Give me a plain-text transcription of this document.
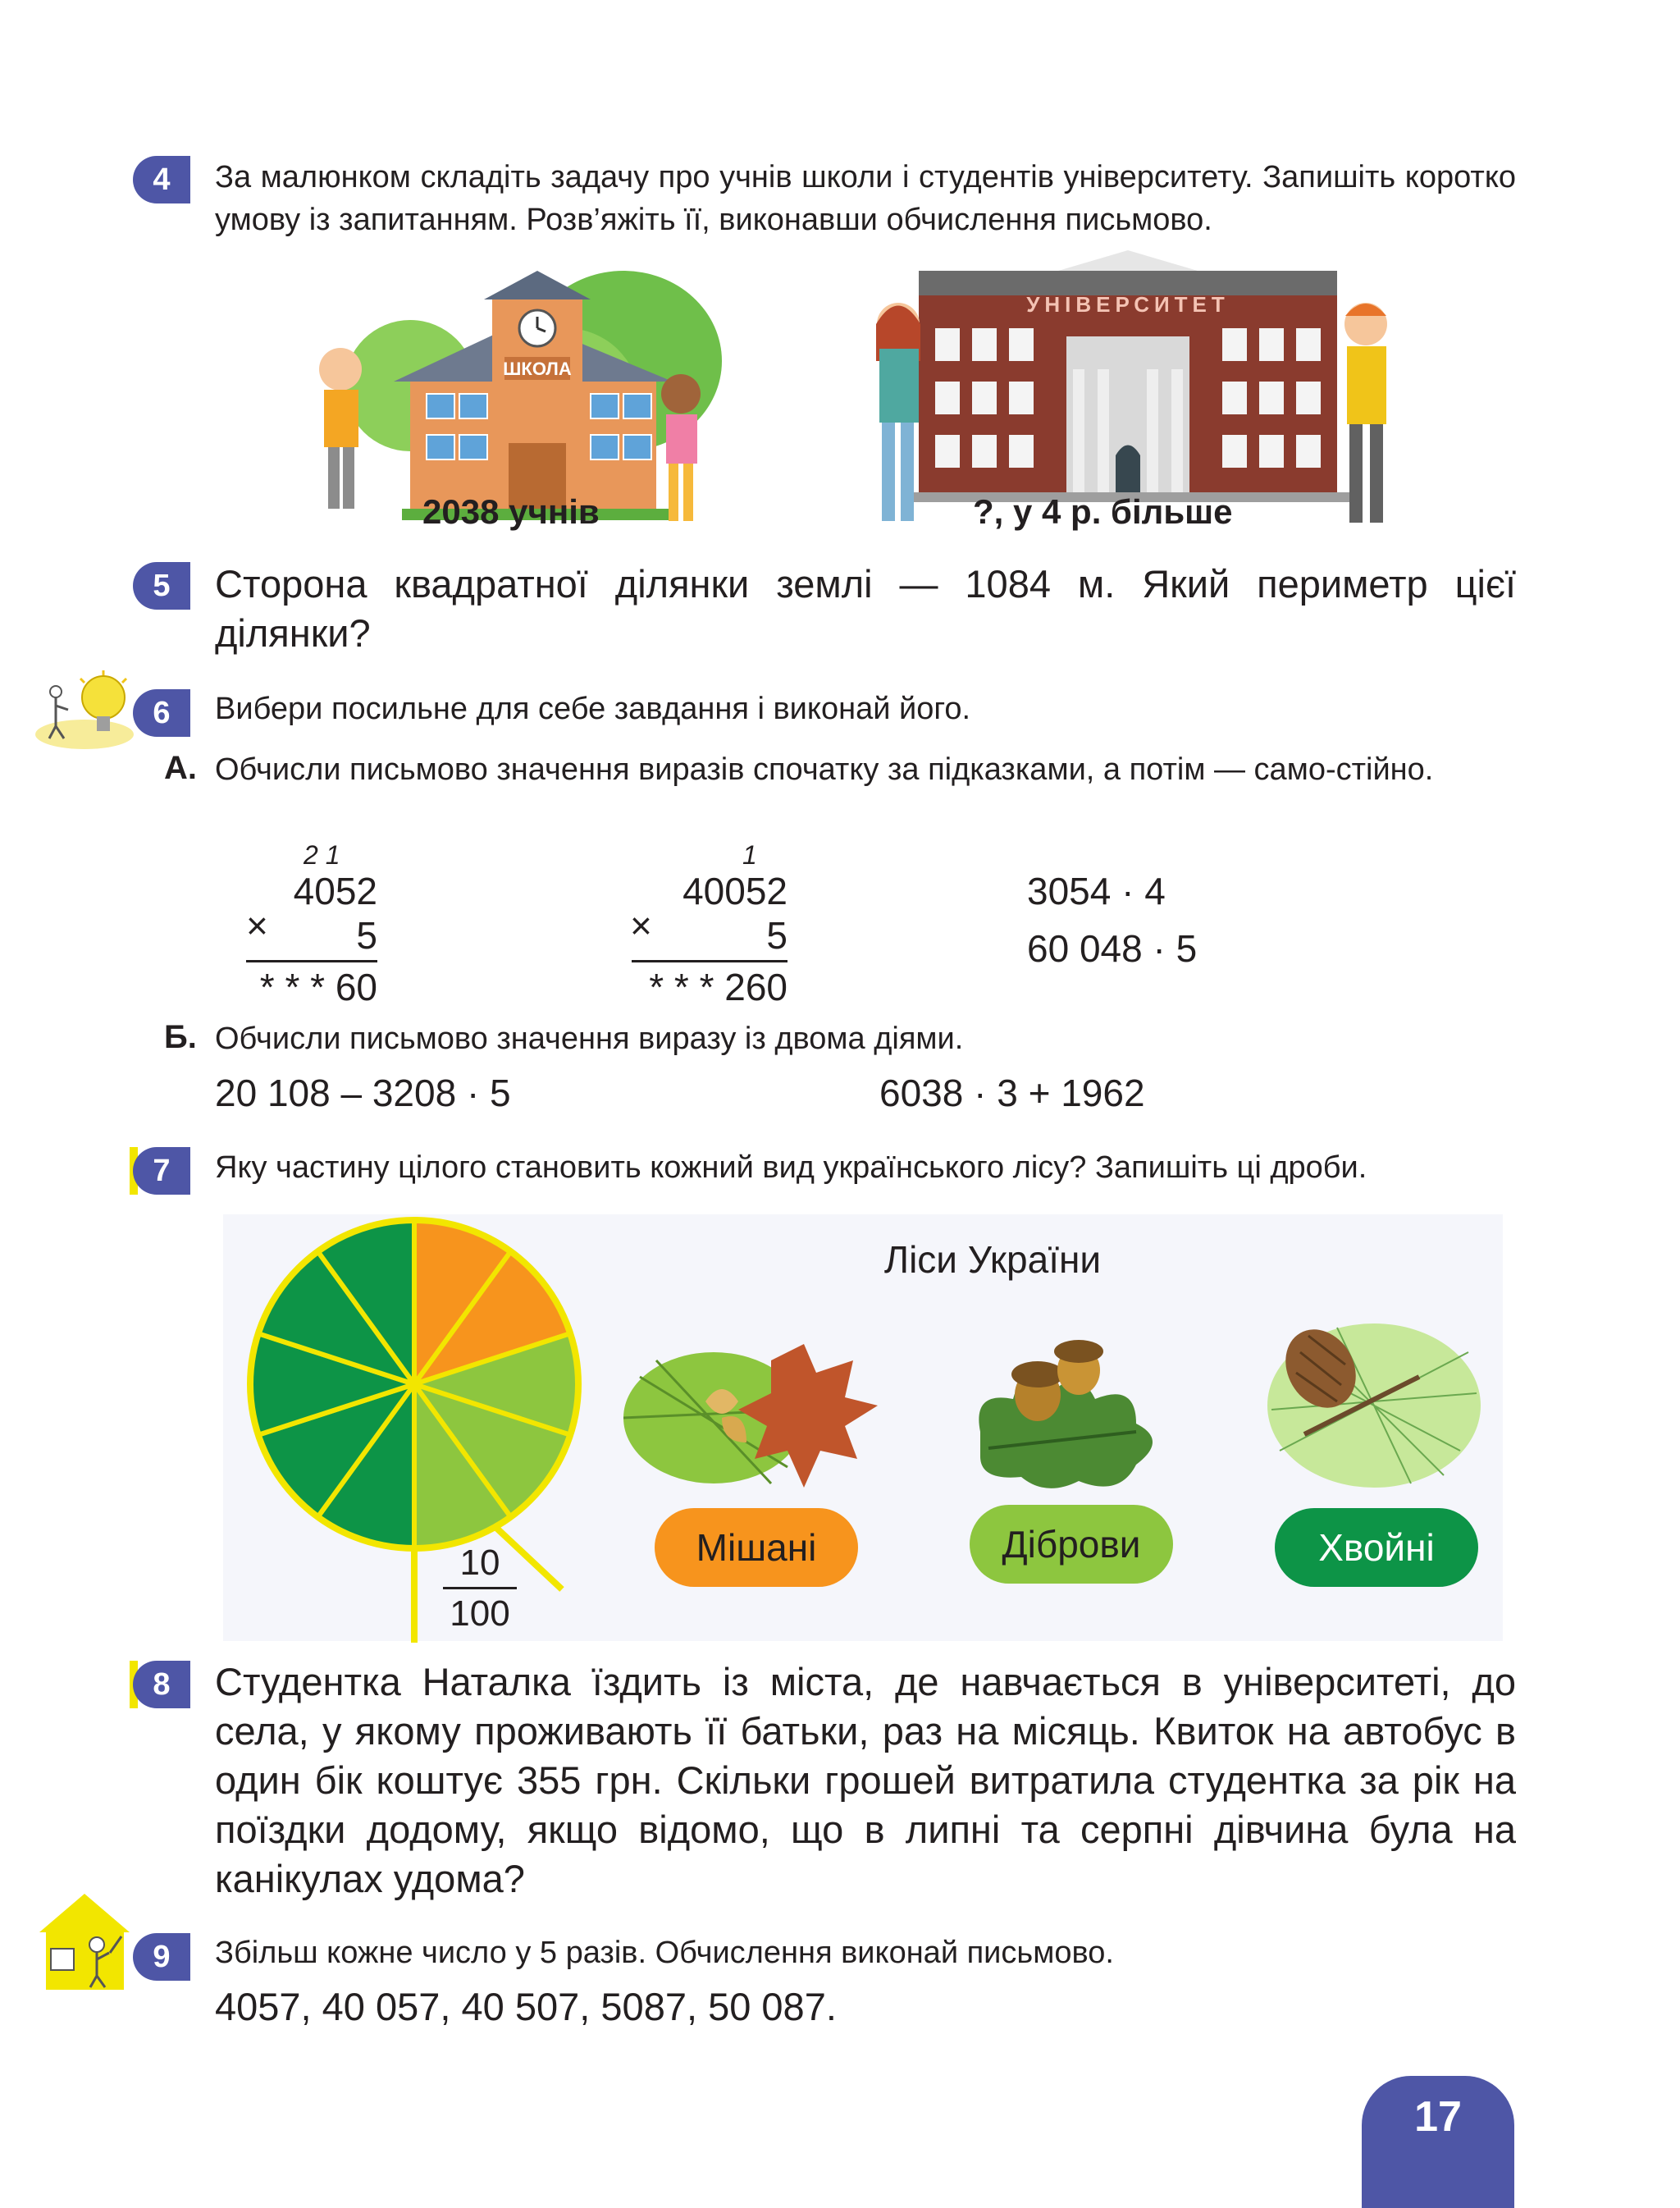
4	За малюнком складіть задачу про учнів школи і студентів університету. Запишіть коротко умову із запитанням. Розв’яжіть її, виконавши обчислення письмово.
ШКОЛА
2038 учнів
УНІВЕРСИТЕТ
?, у 4 р. більше
5	Сторона квадратної ділянки землі — 1084 м. Який периметр цієї ділянки?
6	Вибери посильне для себе завдання і виконай його.
А. Обчисли письмово значення виразів спочатку за підказками, а потім — само-стійно.
2 1
×
4052
5
* * * 60
1
×
40052
5
* * * 260
3054 · 4
60 048 · 5
Б. Обчисли письмово значення виразу із двома діями.
20 108 – 3208 · 5	6038 · 3 + 1962
7	Яку частину цілого становить кожний вид українського лісу? Запишіть ці дроби.
10
100
Ліси України
Мішані	Діброви	Хвойні
8	Студентка Наталка їздить із міста, де навчається в університеті, до села, у якому проживають її батьки, раз на місяць. Квиток на автобус в один бік коштує 355 грн. Скільки грошей витратила студентка за рік на поїздки додому, якщо відомо, що в липні та серпні дівчина була на канікулах удома?
9	Збільш кожне число у 5 разів. Обчислення виконай письмово.
4057, 40 057, 40 507, 5087, 50 087.
17
